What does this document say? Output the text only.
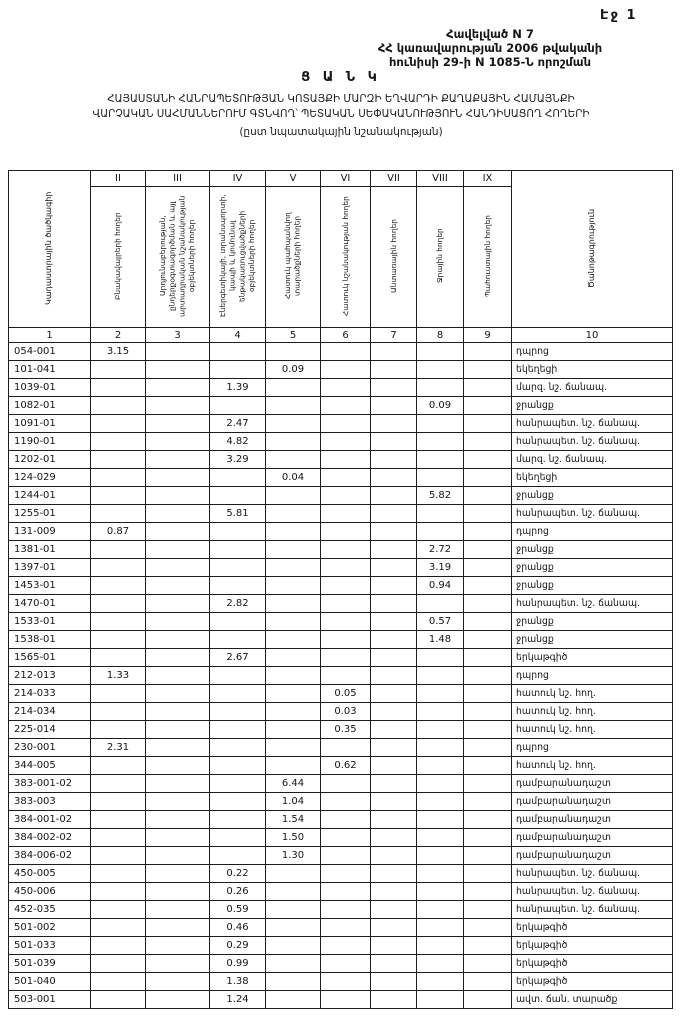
Էջ 1
Հավելված N 7
ՀՀ կառավարության 2006 թվականի
հունիսի 29-ի N 1085-Ն որոշման
Ց Ա Ն Կ
ՀԱՅԱՍՏԱՆԻ ՀԱՆՐԱՊԵՏՈՒԹՅԱՆ ԿՈՏԱՅՔԻ ՄԱՐԶԻ ԵՂՎԱՐԴԻ ՔԱՂԱՔԱՅԻՆ ՀԱՄԱՅՆՔԻ
ՎԱՐՉԱԿԱՆ ՍԱՀՄԱՆՆԵՐՈՒՄ ԳՏՆՎՈՂ՝ ՊԵՏԱԿԱՆ ՍԵՓԱԿԱՆՈՒԹՅՈՒՆ ՀԱՆԴԻՍԱՑՈՂ ՀՈՂԵՐԻ
(ըստ նպատակային նշանակության)
Կադաստրային ծածկագիր	II	III	IV	V	VI	VII	VIII	IX	Ծանոթագրություն
	Բնակավայրերի հողեր	Արդյունաբերության, ընդերքօգտագործման և այլ արտադրական նշանակության օբյեկտների հողեր	Էներգետիկայի, տրանսպորտի, կապի և կոմունալ ենթակառուցվածքների օբյեկտների հողեր	Հատուկ պահպանվող տարածքների հողեր	Հատուկ նշանակության հողեր	Անտառային հողեր	Ջրային հողեր	Պահուստային հողեր	
1	2	3	4	5	6	7	8	9	10
054-001	3.15								դպրոց
101-041				0.09					եկեղեցի
1039-01			1.39						մարզ. նշ. ճանապ.
1082-01							0.09		ջրանցք
1091-01			2.47						հանրապետ. նշ. ճանապ.
1190-01			4.82						հանրապետ. նշ. ճանապ.
1202-01			3.29						մարզ. նշ. ճանապ.
124-029				0.04					եկեղեցի
1244-01							5.82		ջրանցք
1255-01			5.81						հանրապետ. նշ. ճանապ.
131-009	0.87								դպրոց
1381-01							2.72		ջրանցք
1397-01							3.19		ջրանցք
1453-01							0.94		ջրանցք
1470-01			2.82						հանրապետ. նշ. ճանապ.
1533-01							0.57		ջրանցք
1538-01							1.48		ջրանցք
1565-01			2.67						երկաթգիծ
212-013	1.33								դպրոց
214-033					0.05				հատուկ նշ. հող.
214-034					0.03				հատուկ նշ. հող.
225-014					0.35				հատուկ նշ. հող.
230-001	2.31								դպրոց
344-005					0.62				հատուկ նշ. հող.
383-001-02				6.44					դամբարանադաշտ
383-003				1.04					դամբարանադաշտ
384-001-02				1.54					դամբարանադաշտ
384-002-02				1.50					դամբարանադաշտ
384-006-02				1.30					դամբարանադաշտ
450-005			0.22						հանրապետ. նշ. ճանապ.
450-006			0.26						հանրապետ. նշ. ճանապ.
452-035			0.59						հանրապետ. նշ. ճանապ.
501-002			0.46						երկաթգիծ
501-033			0.29						երկաթգիծ
501-039			0.99						երկաթգիծ
501-040			1.38						երկաթգիծ
503-001			1.24						ավտ. ճան. տարածք
